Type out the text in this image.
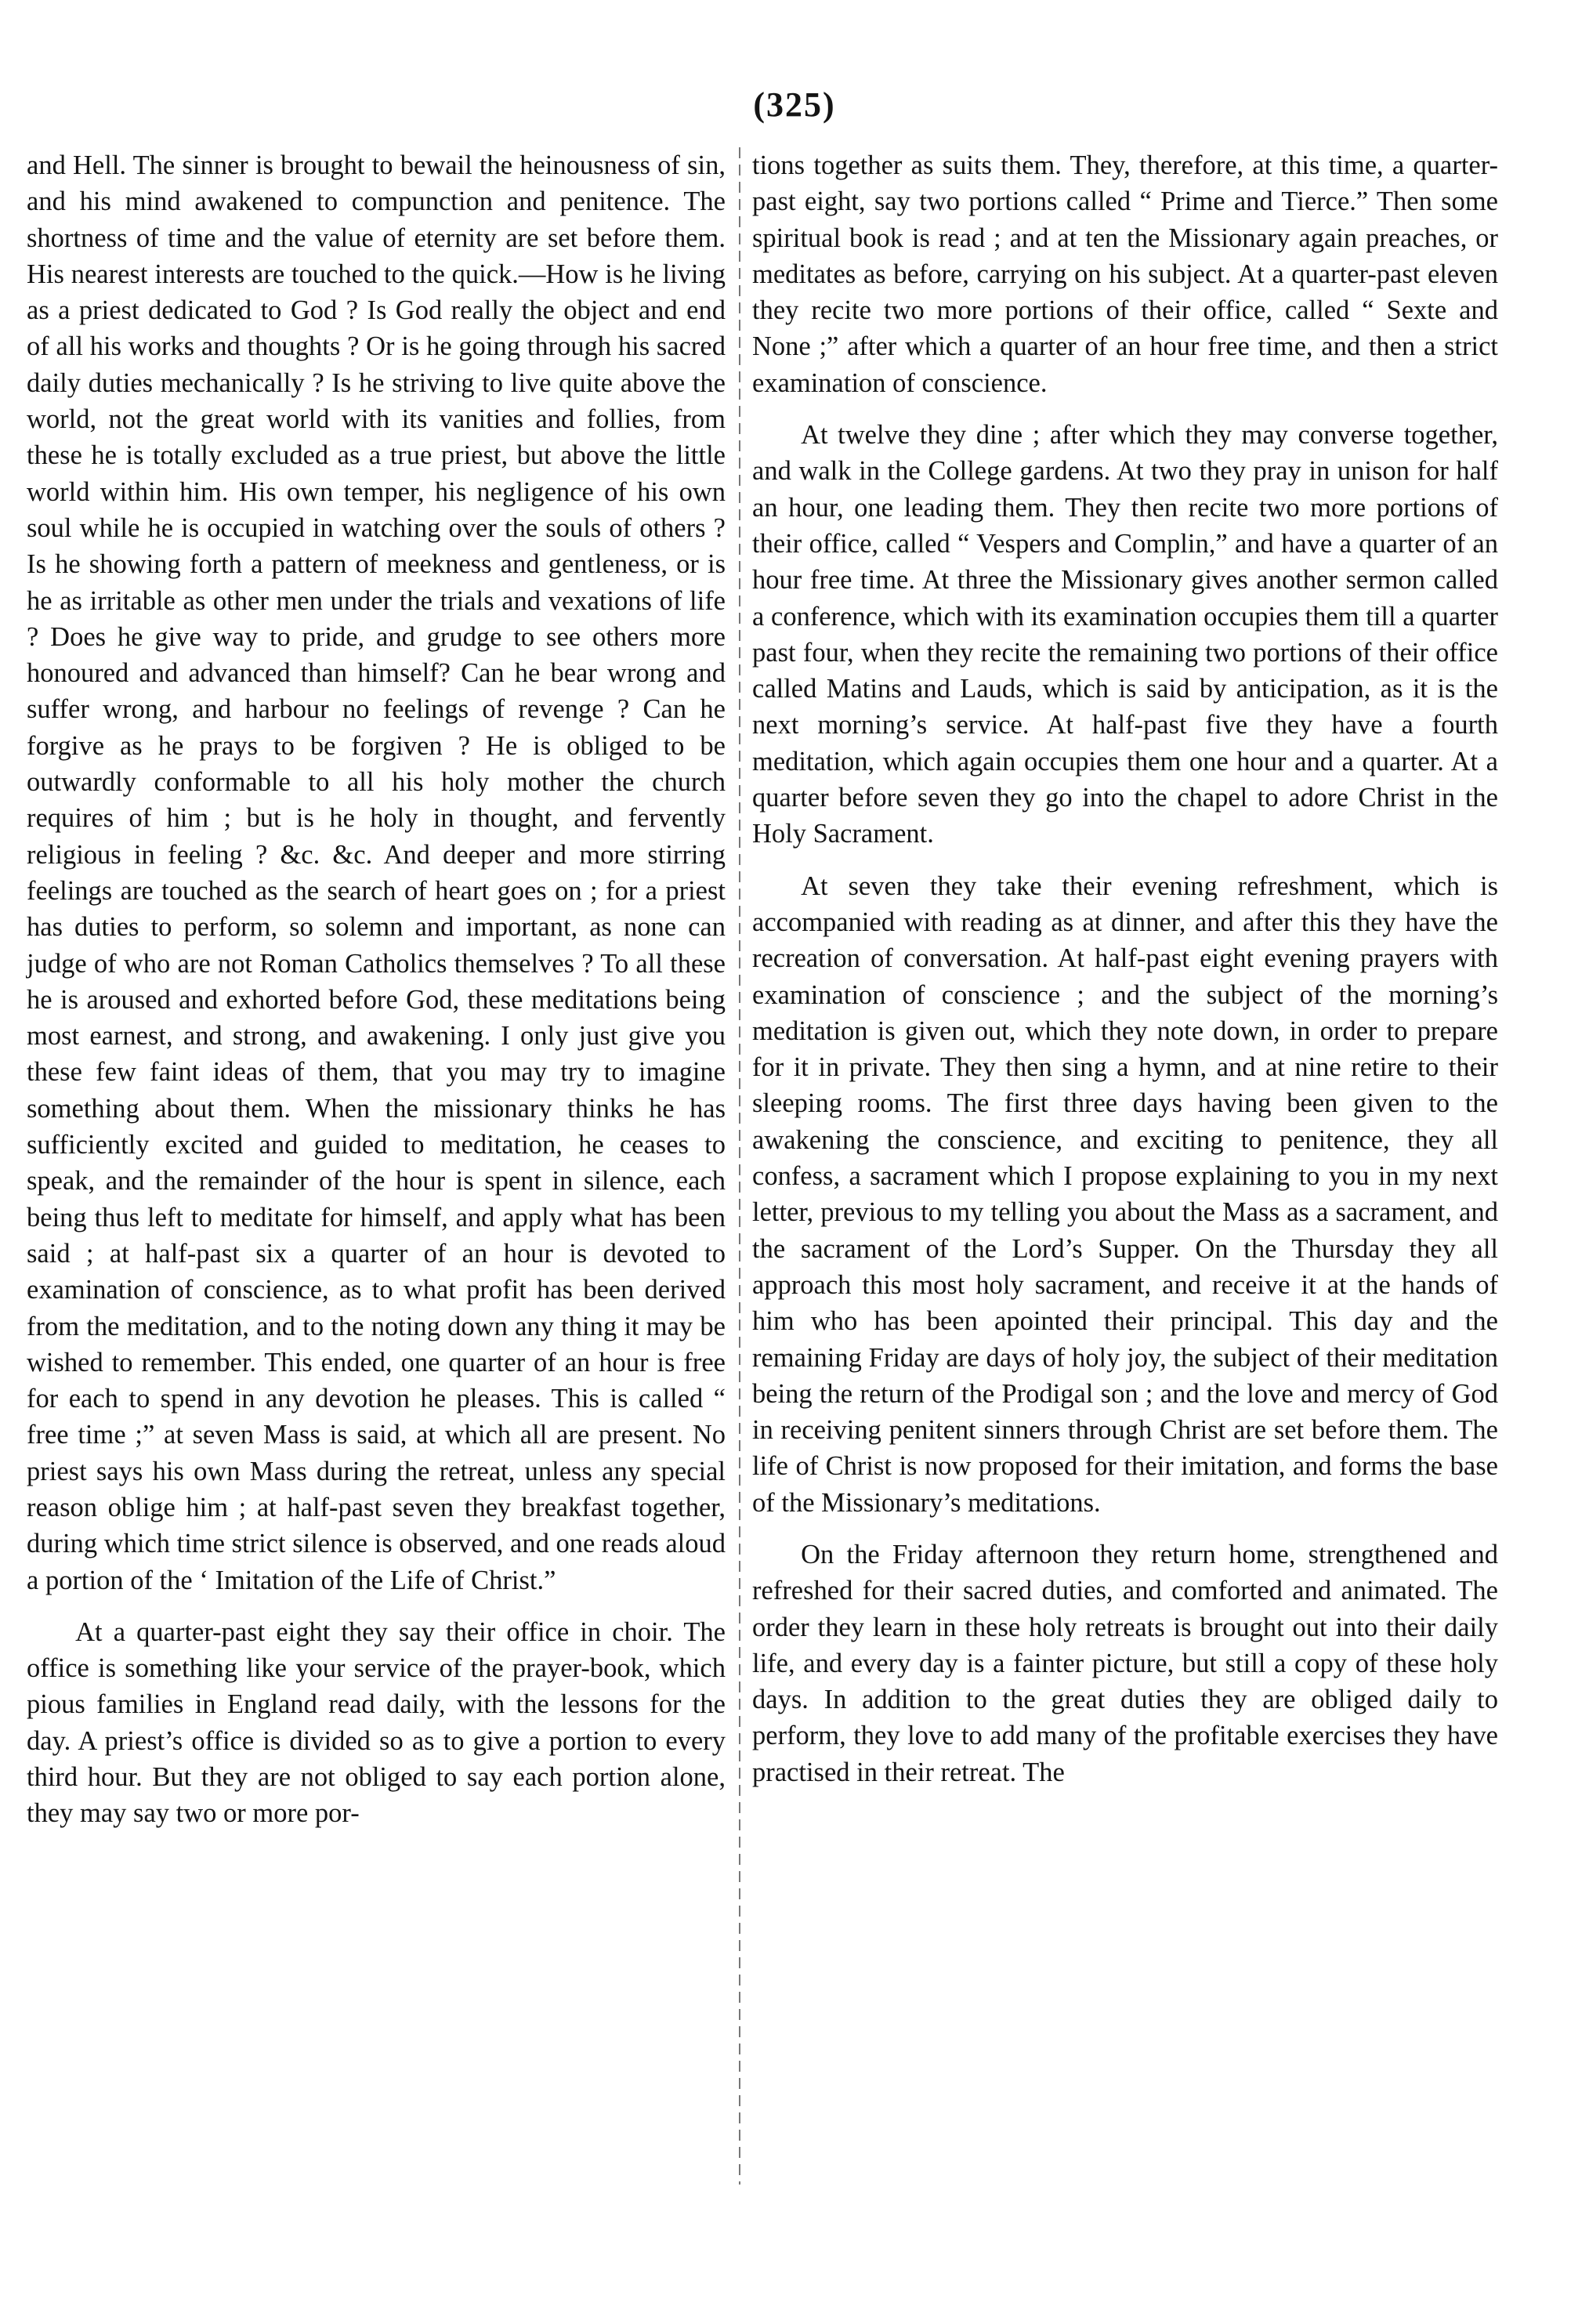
(325)

and Hell. The sinner is brought to bewail the heinousness of sin, and his mind awakened to compunction and penitence. The shortness of time and the value of eternity are set before them. His nearest interests are touched to the quick.—How is he living as a priest dedicated to God ? Is God really the object and end of all his works and thoughts ? Or is he going through his sacred daily duties mechanically ? Is he striving to live quite above the world, not the great world with its vanities and follies, from these he is totally excluded as a true priest, but above the little world within him. His own temper, his negligence of his own soul while he is occupied in watching over the souls of others ? Is he showing forth a pattern of meekness and gentleness, or is he as irritable as other men under the trials and vexations of life ? Does he give way to pride, and grudge to see others more honoured and advanced than himself? Can he bear wrong and suffer wrong, and harbour no feelings of revenge ? Can he forgive as he prays to be forgiven ? He is obliged to be outwardly conformable to all his holy mother the church requires of him ; but is he holy in thought, and fervently religious in feeling ? &c. &c. And deeper and more stirring feelings are touched as the search of heart goes on ; for a priest has duties to perform, so solemn and important, as none can judge of who are not Roman Catholics themselves ? To all these he is aroused and exhorted before God, these meditations being most earnest, and strong, and awakening. I only just give you these few faint ideas of them, that you may try to imagine something about them. When the missionary thinks he has sufficiently excited and guided to meditation, he ceases to speak, and the remainder of the hour is spent in silence, each being thus left to meditate for himself, and apply what has been said ; at half-past six a quarter of an hour is devoted to examination of conscience, as to what profit has been derived from the meditation, and to the noting down any thing it may be wished to remember. This ended, one quarter of an hour is free for each to spend in any devotion he pleases. This is called “ free time ;” at seven Mass is said, at which all are present. No priest says his own Mass during the retreat, unless any special reason oblige him ; at half-past seven they breakfast together, during which time strict silence is observed, and one reads aloud a portion of the ‘ Imitation of the Life of Christ.”

At a quarter-past eight they say their office in choir. The office is something like your service of the prayer-book, which pious families in England read daily, with the lessons for the day. A priest’s office is divided so as to give a portion to every third hour. But they are not obliged to say each portion alone, they may say two or more por-

tions together as suits them. They, therefore, at this time, a quarter-past eight, say two portions called “ Prime and Tierce.” Then some spiritual book is read ; and at ten the Missionary again preaches, or meditates as before, carrying on his subject. At a quarter-past eleven they recite two more portions of their office, called “ Sexte and None ;” after which a quarter of an hour free time, and then a strict examination of conscience.

At twelve they dine ; after which they may converse together, and walk in the College gardens. At two they pray in unison for half an hour, one leading them. They then recite two more portions of their office, called “ Vespers and Complin,” and have a quarter of an hour free time. At three the Missionary gives another sermon called a conference, which with its examination occupies them till a quarter past four, when they recite the remaining two portions of their office called Matins and Lauds, which is said by anticipation, as it is the next morning’s service. At half-past five they have a fourth meditation, which again occupies them one hour and a quarter. At a quarter before seven they go into the chapel to adore Christ in the Holy Sacrament.

At seven they take their evening refreshment, which is accompanied with reading as at dinner, and after this they have the recreation of conversation. At half-past eight evening prayers with examination of conscience ; and the subject of the morning’s meditation is given out, which they note down, in order to prepare for it in private. They then sing a hymn, and at nine retire to their sleeping rooms. The first three days having been given to the awakening the conscience, and exciting to penitence, they all confess, a sacrament which I propose explaining to you in my next letter, previous to my telling you about the Mass as a sacrament, and the sacrament of the Lord’s Supper. On the Thursday they all approach this most holy sacrament, and receive it at the hands of him who has been apointed their principal. This day and the remaining Friday are days of holy joy, the subject of their meditation being the return of the Prodigal son ; and the love and mercy of God in receiving penitent sinners through Christ are set before them. The life of Christ is now proposed for their imitation, and forms the base of the Missionary’s meditations.

On the Friday afternoon they return home, strengthened and refreshed for their sacred duties, and comforted and animated. The order they learn in these holy retreats is brought out into their daily life, and every day is a fainter picture, but still a copy of these holy days. In addition to the great duties they are obliged daily to perform, they love to add many of the profitable exercises they have practised in their retreat. The
